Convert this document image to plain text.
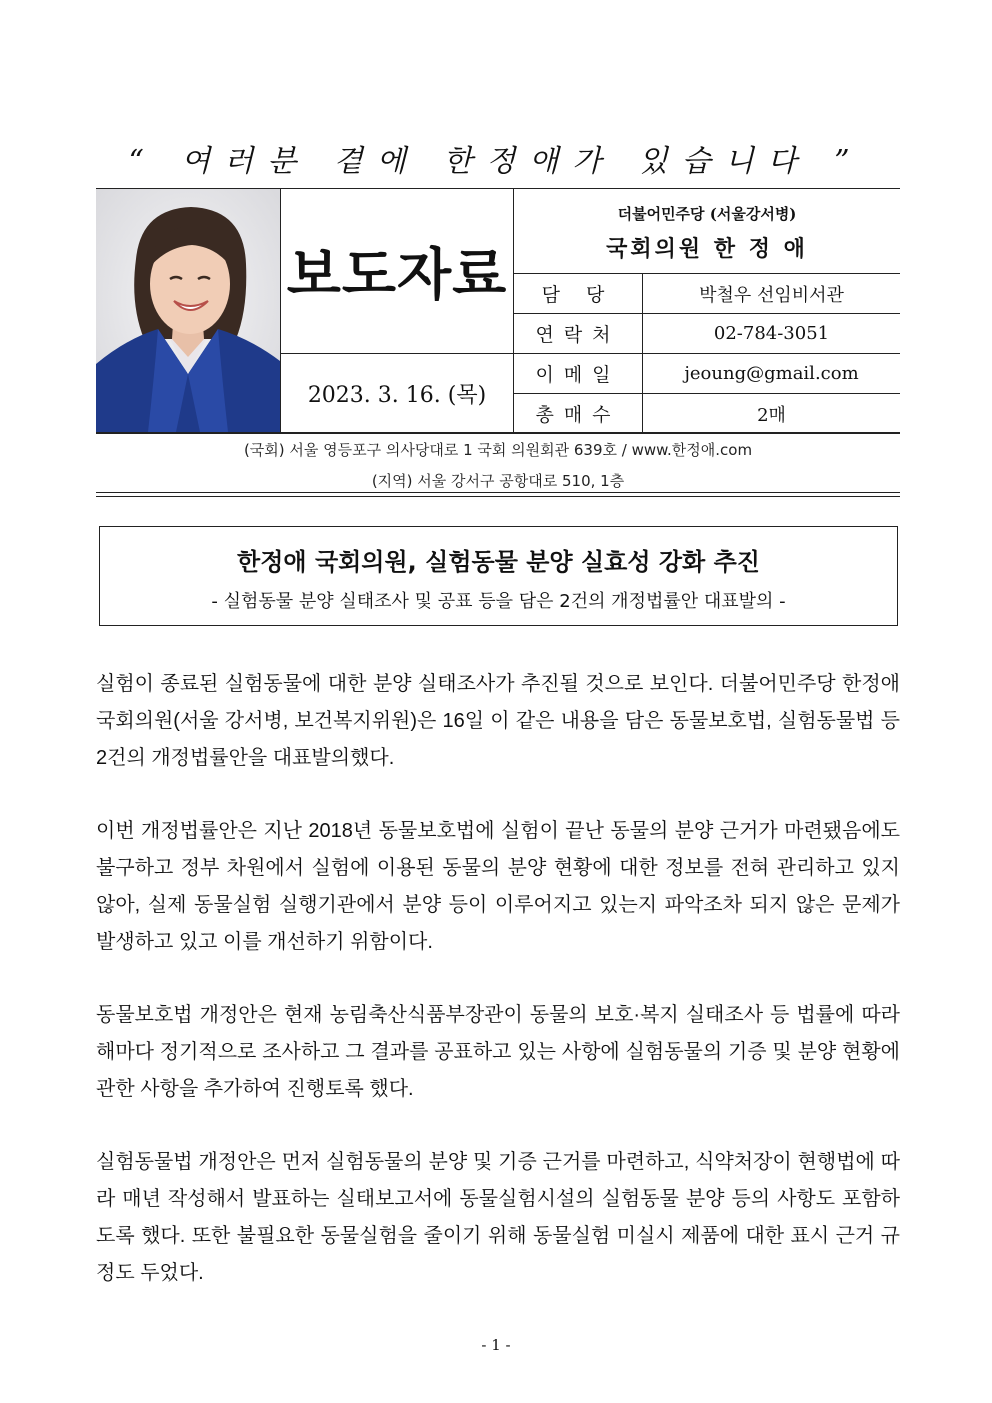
“ 여러분 곁에 한정애가 있습니다 ”
보도자료
2023. 3. 16. (목)
더불어민주당 (서울강서병)
국회의원 한 정 애
담 당	박철우 선임비서관
연락처	02-784-3051
이메일	jeoung@gmail.com
총매수	2매
(국회) 서울 영등포구 의사당대로 1 국회 의원회관 639호 / www.한정애.com
(지역) 서울 강서구 공항대로 510, 1층
한정애 국회의원, 실험동물 분양 실효성 강화 추진
- 실험동물 분양 실태조사 및 공표 등을 담은 2건의 개정법률안 대표발의 -
실험이 종료된 실험동물에 대한 분양 실태조사가 추진될 것으로 보인다. 더불어민주당 한정애 국회의원(서울 강서병, 보건복지위원)은 16일 이 같은 내용을 담은 동물보호법, 실험동물법 등 2건의 개정법률안을 대표발의했다.
이번 개정법률안은 지난 2018년 동물보호법에 실험이 끝난 동물의 분양 근거가 마련됐음에도 불구하고 정부 차원에서 실험에 이용된 동물의 분양 현황에 대한 정보를 전혀 관리하고 있지 않아, 실제 동물실험 실행기관에서 분양 등이 이루어지고 있는지 파악조차 되지 않은 문제가 발생하고 있고 이를 개선하기 위함이다.
동물보호법 개정안은 현재 농림축산식품부장관이 동물의 보호·복지 실태조사 등 법률에 따라 해마다 정기적으로 조사하고 그 결과를 공표하고 있는 사항에 실험동물의 기증 및 분양 현황에 관한 사항을 추가하여 진행토록 했다.
실험동물법 개정안은 먼저 실험동물의 분양 및 기증 근거를 마련하고, 식약처장이 현행법에 따라 매년 작성해서 발표하는 실태보고서에 동물실험시설의 실험동물 분양 등의 사항도 포함하도록 했다. 또한 불필요한 동물실험을 줄이기 위해 동물실험 미실시 제품에 대한 표시 근거 규정도 두었다.
- 1 -
